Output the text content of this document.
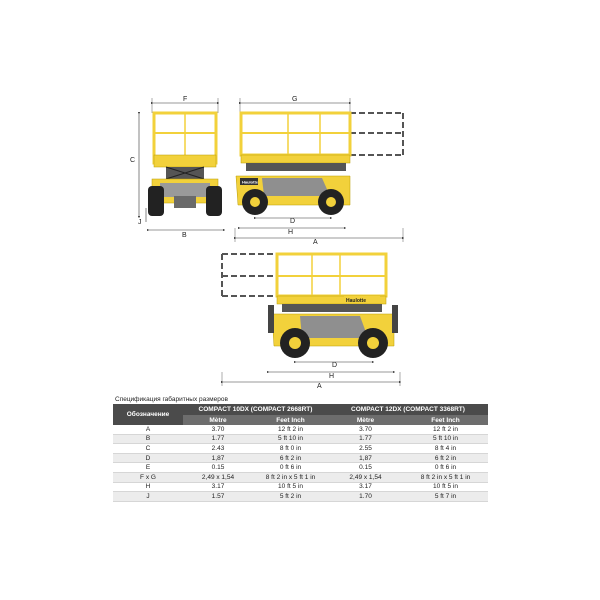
F
C
J
B
G
Haulotte
D
H
A
Haulotte
D
H
A
Спецификация габаритных размеров
Обозначение	COMPACT 10DX (COMPACT 2668RT)		COMPACT 12DX (COMPACT 3368RT)	
	Mètre	Feet Inch	Mètre	Feet Inch
A	3.70	12 ft 2 in	3.70	12 ft 2 in
B	1.77	5 ft 10 in	1.77	5 ft 10 in
C	2.43	8 ft 0 in	2.55	8 ft 4 in
D	1,87	6 ft 2 in	1,87	6 ft 2 in
E	0.15	0 ft 6 in	0.15	0 ft 6 in
F x G	2,49 x 1,54	8 ft 2 in x 5 ft 1 in	2,49 x 1,54	8 ft 2 in x 5 ft 1 in
H	3.17	10 ft 5 in	3.17	10 ft 5 in
J	1.57	5 ft 2 in	1.70	5 ft 7 in
